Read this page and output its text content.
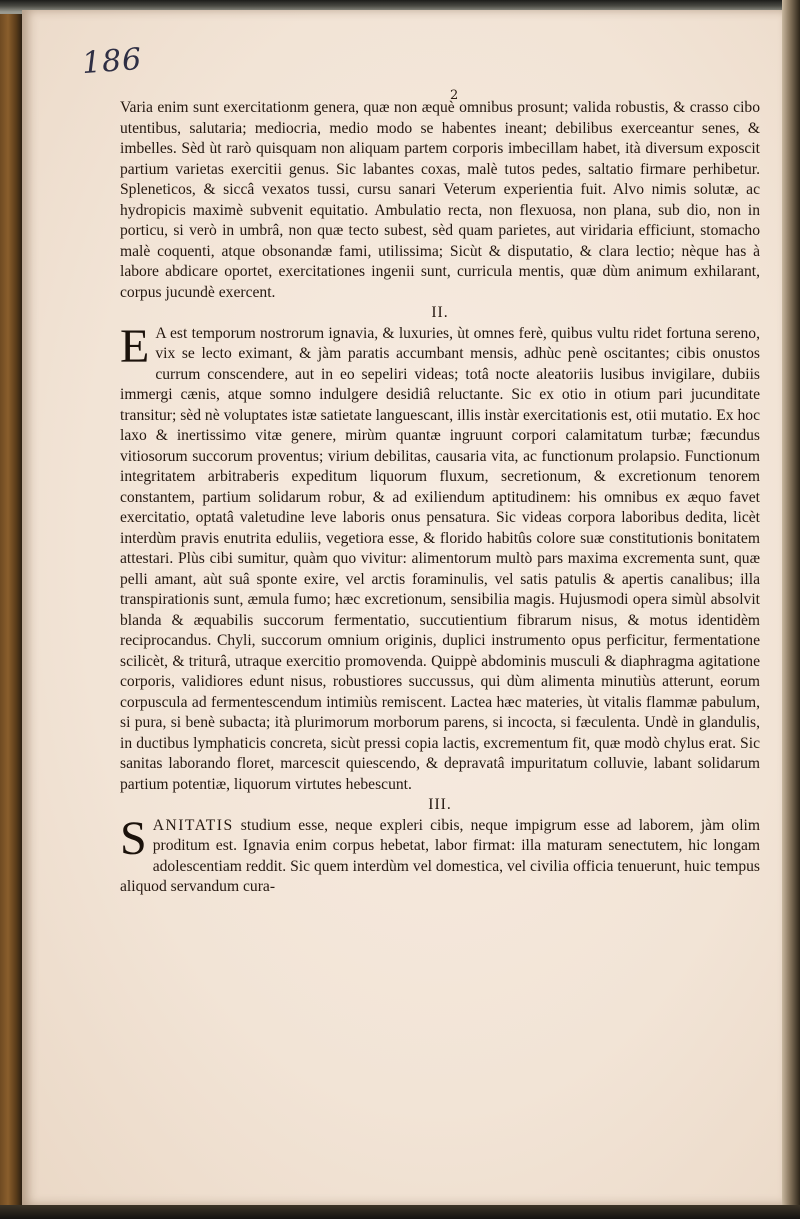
186
2

Varia enim sunt exercitationm genera, quæ non æquè omnibus prosunt; valida robustis, & crasso cibo utentibus, salutaria; mediocria, medio modo se habentes ineant; debilibus exerceantur senes, & imbelles. Sèd ùt rarò quisquam non aliquam partem corporis imbecillam habet, ità diversum exposcit partium varietas exercitii genus. Sic labantes coxas, malè tutos pedes, saltatio firmare perhibetur. Spleneticos, & siccâ vexatos tussi, cursu sanari Veterum experientia fuit. Alvo nimis solutæ, ac hydropicis maximè subvenit equitatio. Ambulatio recta, non flexuosa, non plana, sub dio, non in porticu, si verò in umbrâ, non quæ tecto subest, sèd quam parietes, aut viridaria efficiunt, stomacho malè coquenti, atque obsonandæ fami, utilissima; Sicùt & disputatio, & clara lectio; nèque has à labore abdicare oportet, exercitationes ingenii sunt, curricula mentis, quæ dùm animum exhilarant, corpus jucundè exercent.

II.

E A est temporum nostrorum ignavia, & luxuries, ùt omnes ferè, quibus vultu ridet fortuna sereno, vix se lecto eximant, & jàm paratis accumbant mensis, adhùc penè oscitantes; cibis onustos currum conscendere, aut in eo sepeliri videas; totâ nocte aleatoriis lusibus invigilare, dubiis immergi cænis, atque somno indulgere desidiâ reluctante. Sic ex otio in otium pari jucunditate transitur; sèd nè voluptates istæ satietate languescant, illis instàr exercitationis est, otii mutatio. Ex hoc laxo & inertissimo vitæ genere, mirùm quantæ ingruunt corpori calamitatum turbæ; fæcundus vitiosorum succorum proventus; virium debilitas, causaria vita, ac functionum prolapsio. Functionum integritatem arbitraberis expeditum liquorum fluxum, secretionum, & excretionum tenorem constantem, partium solidarum robur, & ad exiliendum aptitudinem: his omnibus ex æquo favet exercitatio, optatâ valetudine leve laboris onus pensatura. Sic videas corpora laboribus dedita, licèt interdùm pravis enutrita eduliis, vegetiora esse, & florido habitûs colore suæ constitutionis bonitatem attestari. Plùs cibi sumitur, quàm quo vivitur: alimentorum multò pars maxima excrementa sunt, quæ pelli amant, aùt suâ sponte exire, vel arctis foraminulis, vel satis patulis & apertis canalibus; illa transpirationis sunt, æmula fumo; hæc excretionum, sensibilia magis. Hujusmodi opera simùl absolvit blanda & æquabilis succorum fermentatio, succutientium fibrarum nisus, & motus identidèm reciprocandus. Chyli, succorum omnium originis, duplici instrumento opus perficitur, fermentatione scilicèt, & triturâ, utraque exercitio promovenda. Quippè abdominis musculi & diaphragma agitatione corporis, validiores edunt nisus, robustiores succussus, qui dùm alimenta minutiùs atterunt, eorum corpuscula ad fermentescendum intimiùs remiscent. Lactea hæc materies, ùt vitalis flammæ pabulum, si pura, si benè subacta; ità plurimorum morborum parens, si incocta, si fæculenta. Undè in glandulis, in ductibus lymphaticis concreta, sicùt pressi copia lactis, excrementum fit, quæ modò chylus erat. Sic sanitas laborando floret, marcescit quiescendo, & depravatâ impuritatum colluvie, labant solidarum partium potentiæ, liquorum virtutes hebescunt.

III.

S ANITATIS studium esse, neque expleri cibis, neque impigrum esse ad laborem, jàm olim proditum est. Ignavia enim corpus hebetat, labor firmat: illa maturam senectutem, hic longam adolescentiam reddit. Sic quem interdùm vel domestica, vel civilia officia tenuerunt, huic tempus aliquod servandum cura-
